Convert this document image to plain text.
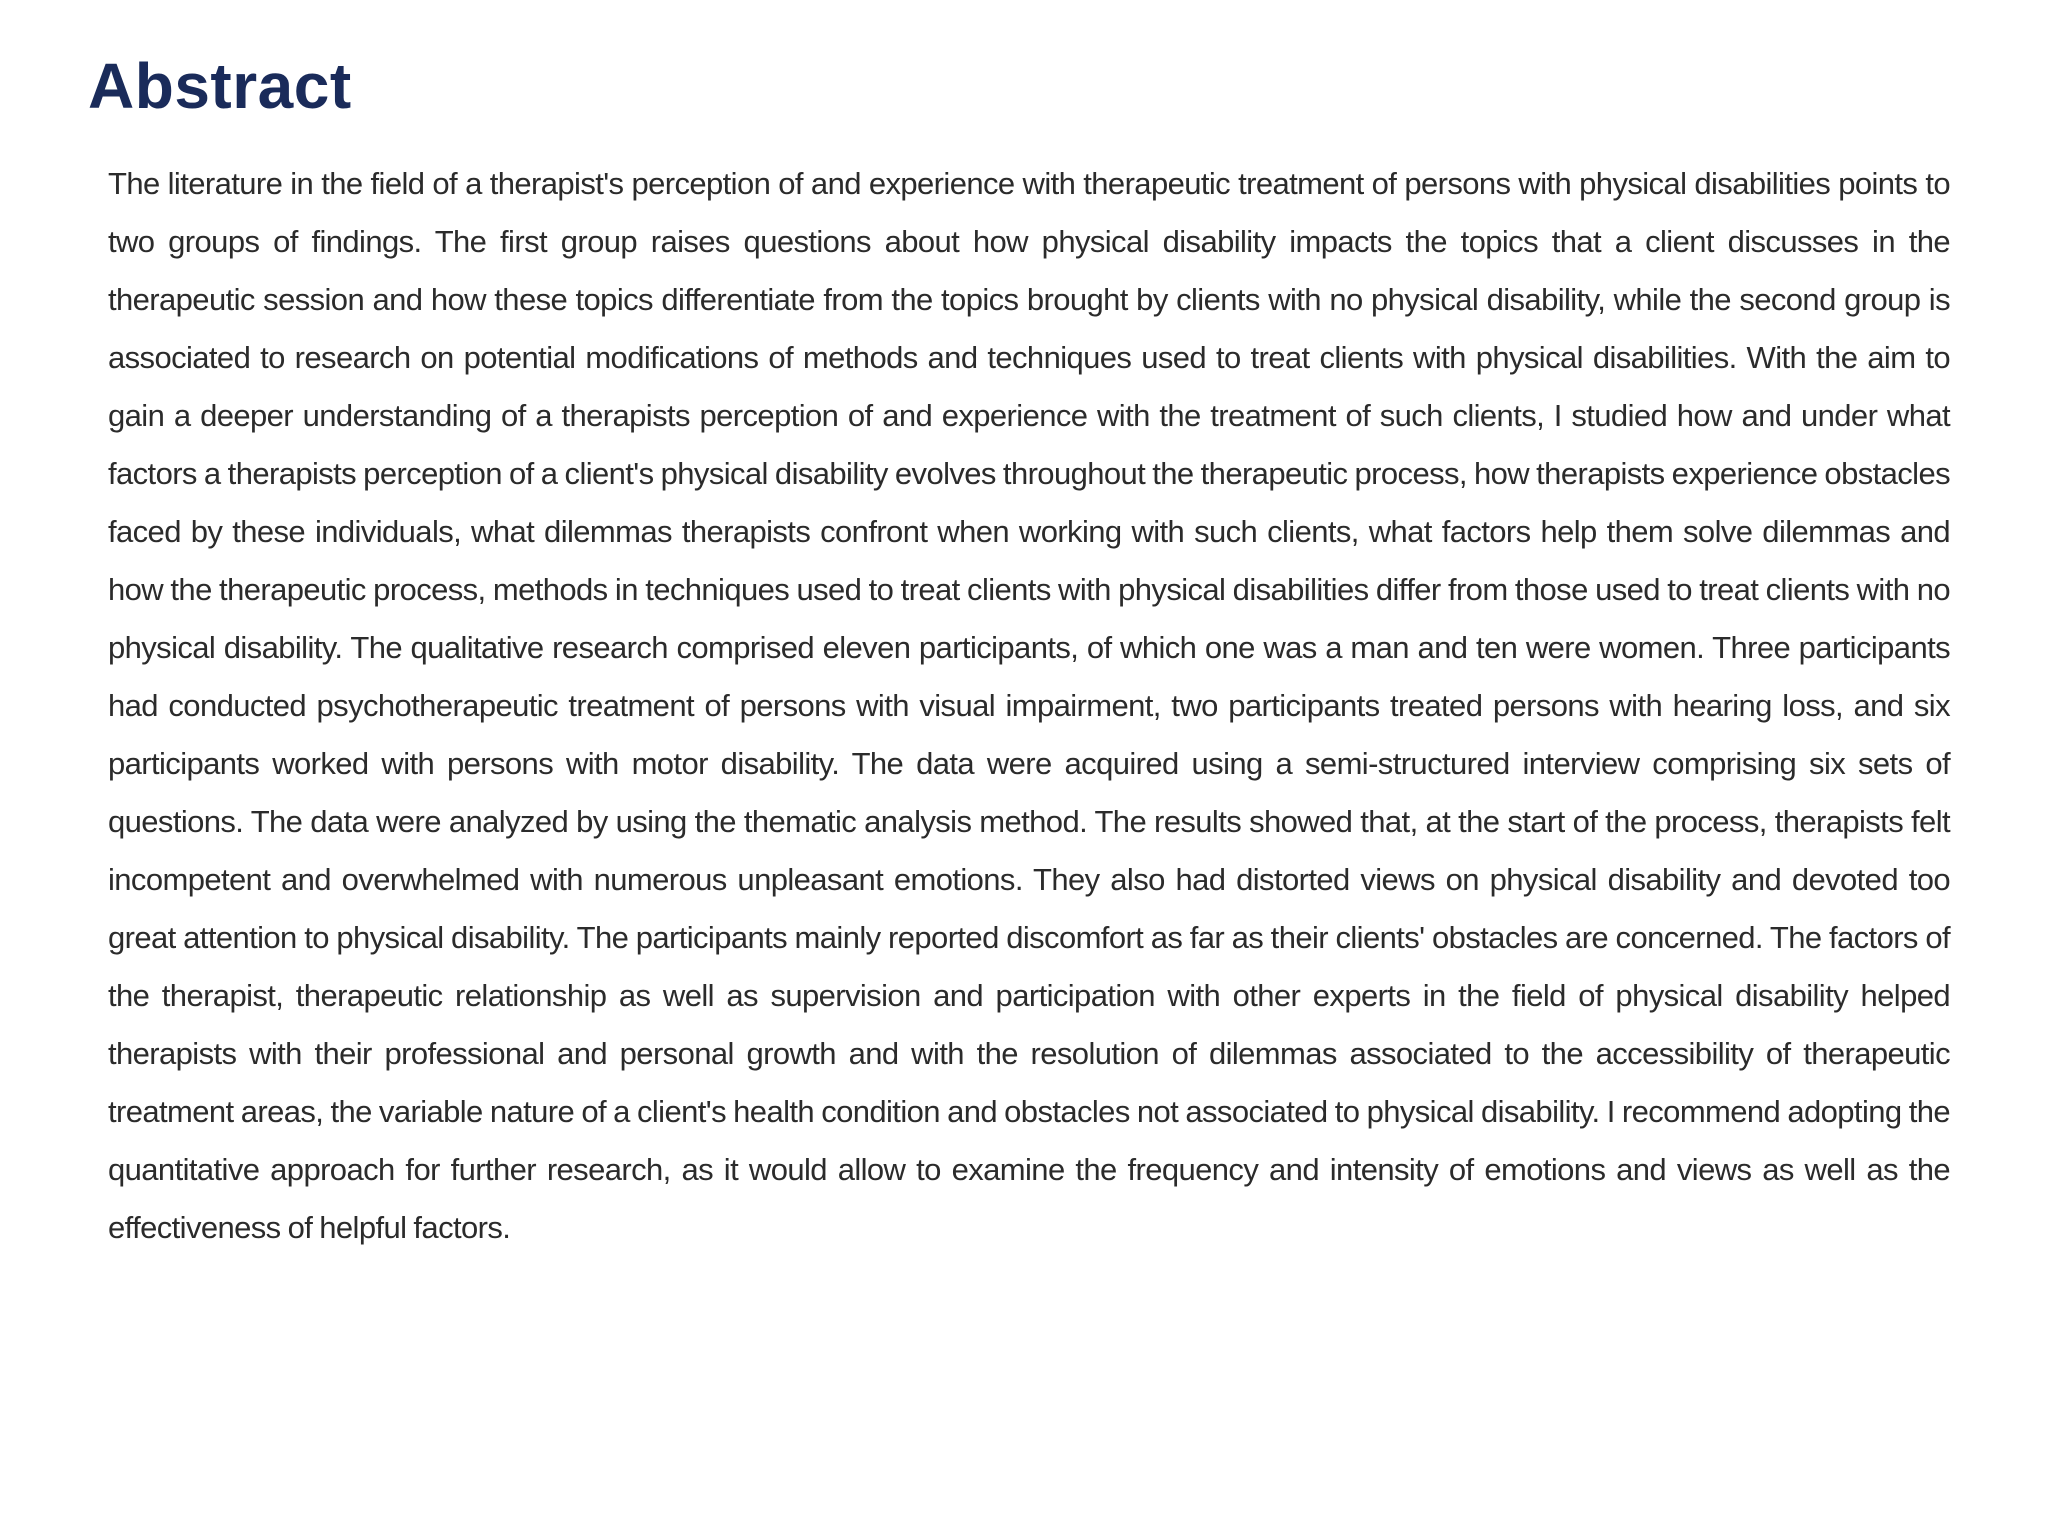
Abstract

The literature in the field of a therapist's perception of and experience with therapeutic treatment of persons with physical disabilities points to two groups of findings. The first group raises questions about how physical disability impacts the topics that a client discusses in the therapeutic session and how these topics differentiate from the topics brought by clients with no physical disability, while the second group is associated to research on potential modifications of methods and techniques used to treat clients with physical disabilities. With the aim to gain a deeper understanding of a therapists perception of and experience with the treatment of such clients, I studied how and under what factors a therapists perception of a client's physical disability evolves throughout the therapeutic process, how therapists experience obstacles faced by these individuals, what dilemmas therapists confront when working with such clients, what factors help them solve dilemmas and how the therapeutic process, methods in techniques used to treat clients with physical disabilities differ from those used to treat clients with no physical disability. The qualitative research comprised eleven participants, of which one was a man and ten were women. Three participants had conducted psychotherapeutic treatment of persons with visual impairment, two participants treated persons with hearing loss, and six participants worked with persons with motor disability. The data were acquired using a semi-structured interview comprising six sets of questions. The data were analyzed by using the thematic analysis method. The results showed that, at the start of the process, therapists felt incompetent and overwhelmed with numerous unpleasant emotions. They also had distorted views on physical disability and devoted too great attention to physical disability. The participants mainly reported discomfort as far as their clients' obstacles are concerned. The factors of the therapist, therapeutic relationship as well as supervision and participation with other experts in the field of physical disability helped therapists with their professional and personal growth and with the resolution of dilemmas associated to the accessibility of therapeutic treatment areas, the variable nature of a client's health condition and obstacles not associated to physical disability. I recommend adopting the quantitative approach for further research, as it would allow to examine the frequency and intensity of emotions and views as well as the effectiveness of helpful factors.
